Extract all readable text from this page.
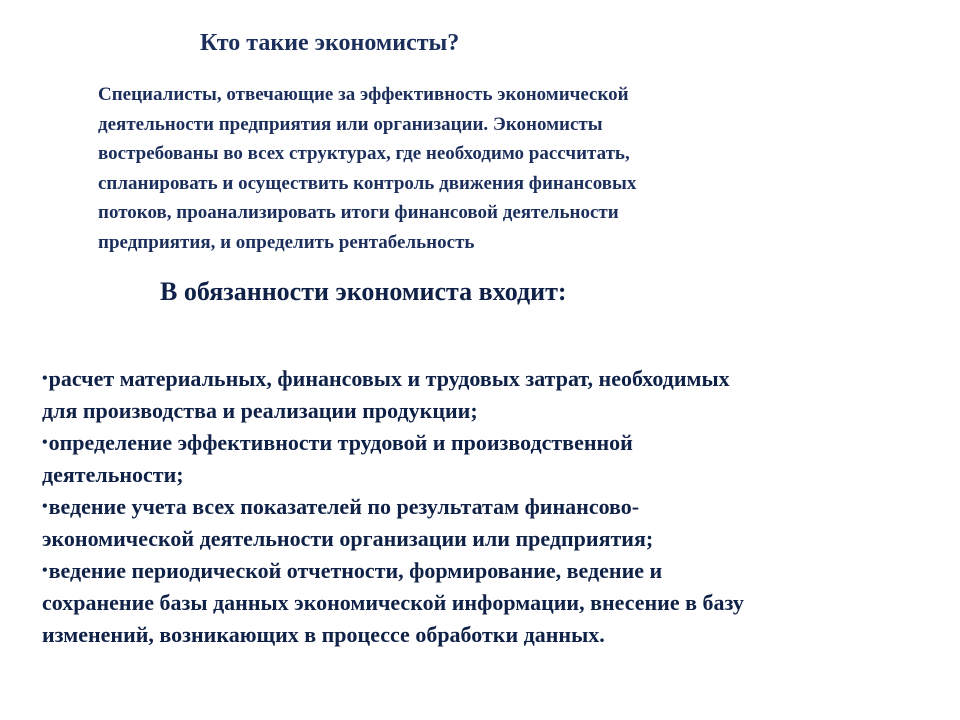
Кто такие экономисты?

Специалисты, отвечающие за эффективность экономической
деятельности предприятия или организации. Экономисты
востребованы во всех структурах, где необходимо рассчитать,
спланировать и осуществить контроль движения финансовых
потоков, проанализировать итоги финансовой деятельности
предприятия, и определить рентабельность

В обязанности экономиста входит:
•расчет материальных, финансовых и трудовых затрат, необходимых
для производства и реализации продукции;
•определение эффективности трудовой и производственной
деятельности;
•ведение учета всех показателей по результатам финансово-
экономической деятельности организации или предприятия;
•ведение периодической отчетности, формирование, ведение и
сохранение базы данных экономической информации, внесение в базу
изменений, возникающих в процессе обработки данных.
